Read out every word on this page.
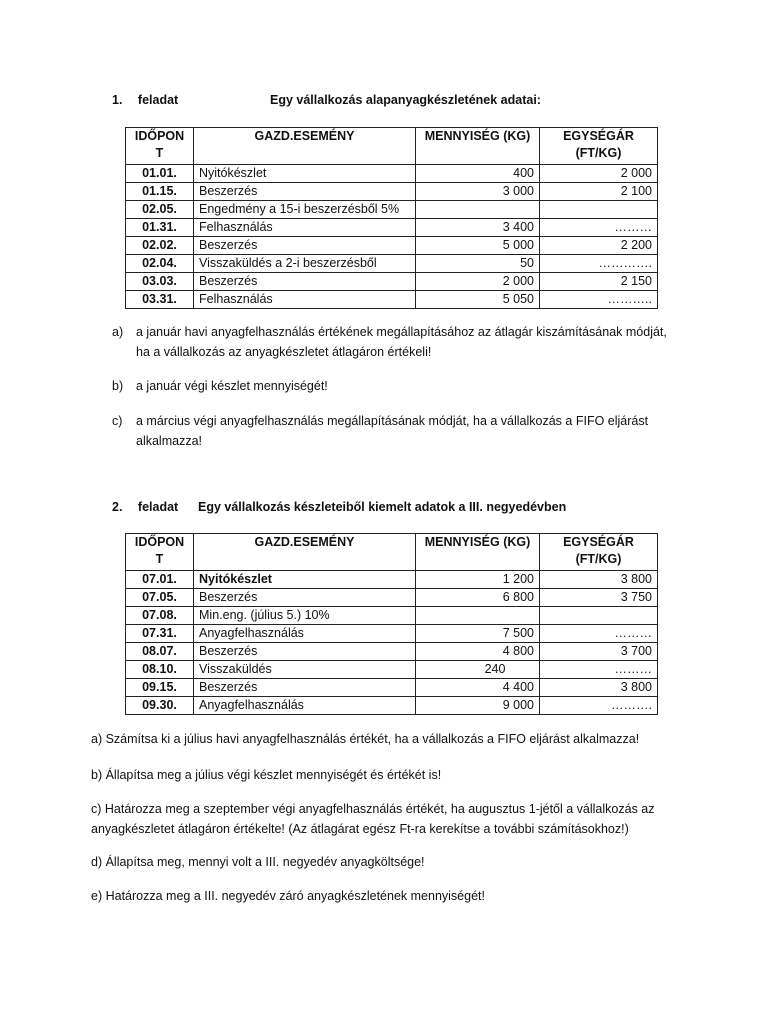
1. feladat	Egy vállalkozás alapanyagkészletének adatai:
IDŐPON T	GAZD.ESEMÉNY	MENNYISÉG (KG)	EGYSÉGÁR (FT/KG)
01.01.	Nyitókészlet	400	2 000
01.15.	Beszerzés	3 000	2 100
02.05.	Engedmény a 15-i beszerzésből 5%		
01.31.	Felhasználás	3 400	………
02.02.	Beszerzés	5 000	2 200
02.04.	Visszaküldés a 2-i beszerzésből	50	………….
03.03.	Beszerzés	2 000	2 150
03.31.	Felhasználás	5 050	………..
a) a január havi anyagfelhasználás értékének megállapításához az átlagár kiszámításának módját, ha a vállalkozás az anyagkészletet átlagáron értékeli!
b) a január végi készlet mennyiségét!
c) a március végi anyagfelhasználás megállapításának módját, ha a vállalkozás a FIFO eljárást alkalmazza!
2. feladat Egy vállalkozás készleteiből kiemelt adatok a III. negyedévben
IDŐPON T	GAZD.ESEMÉNY	MENNYISÉG (KG)	EGYSÉGÁR (FT/KG)
07.01.	Nyitókészlet	1 200	3 800
07.05.	Beszerzés	6 800	3 750
07.08.	Min.eng. (július 5.) 10%		
07.31.	Anyagfelhasználás	7 500	………
08.07.	Beszerzés	4 800	3 700
08.10.	Visszaküldés	240	………
09.15.	Beszerzés	4 400	3 800
09.30.	Anyagfelhasználás	9 000	……….
a) Számítsa ki a július havi anyagfelhasználás értékét, ha a vállalkozás a FIFO eljárást alkalmazza!
b) Állapítsa meg a július végi készlet mennyiségét és értékét is!
c) Határozza meg a szeptember végi anyagfelhasználás értékét, ha augusztus 1-jétől a vállalkozás az anyagkészletet átlagáron értékelte! (Az átlagárat egész Ft-ra kerekítse a további számításokhoz!)
d) Állapítsa meg, mennyi volt a III. negyedév anyagköltsége!
e) Határozza meg a III. negyedév záró anyagkészletének mennyiségét!
